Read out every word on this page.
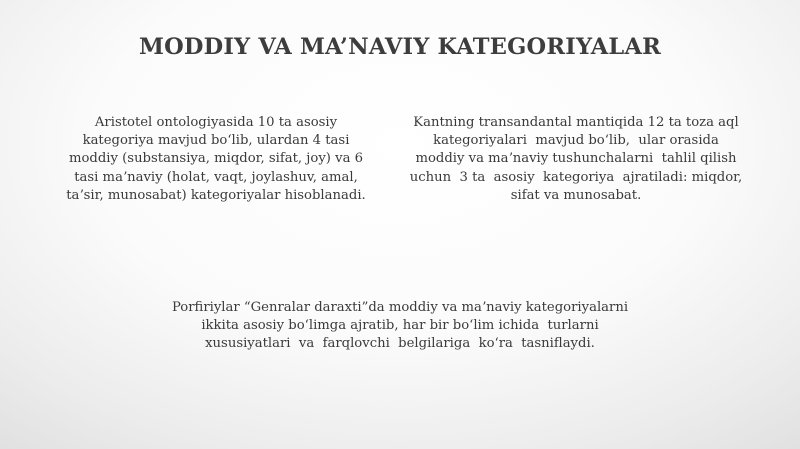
MODDIY VA MA’NAVIY KATEGORIYALAR
Aristotel ontologiyasida 10 ta asosiy
kategoriya mavjud boʻlib, ulardan 4 tasi
moddiy (substansiya, miqdor, sifat, joy) va 6
tasi maʼnaviy (holat, vaqt, joylashuv, amal,
taʼsir, munosabat) kategoriyalar hisoblanadi.
Kantning transandantal mantiqida 12 ta toza aql
kategoriyalari  mavjud boʻlib,  ular orasida
moddiy va maʼnaviy tushunchalarni  tahlil qilish
uchun  3 ta  asosiy  kategoriya  ajratiladi: miqdor,
sifat va munosabat.
Porfiriylar “Genralar daraxti”da moddiy va maʼnaviy kategoriyalarni
ikkita asosiy boʻlimga ajratib, har bir boʻlim ichida  turlarni
xususiyatlari  va  farqlovchi  belgilariga  koʻra  tasniflaydi.
